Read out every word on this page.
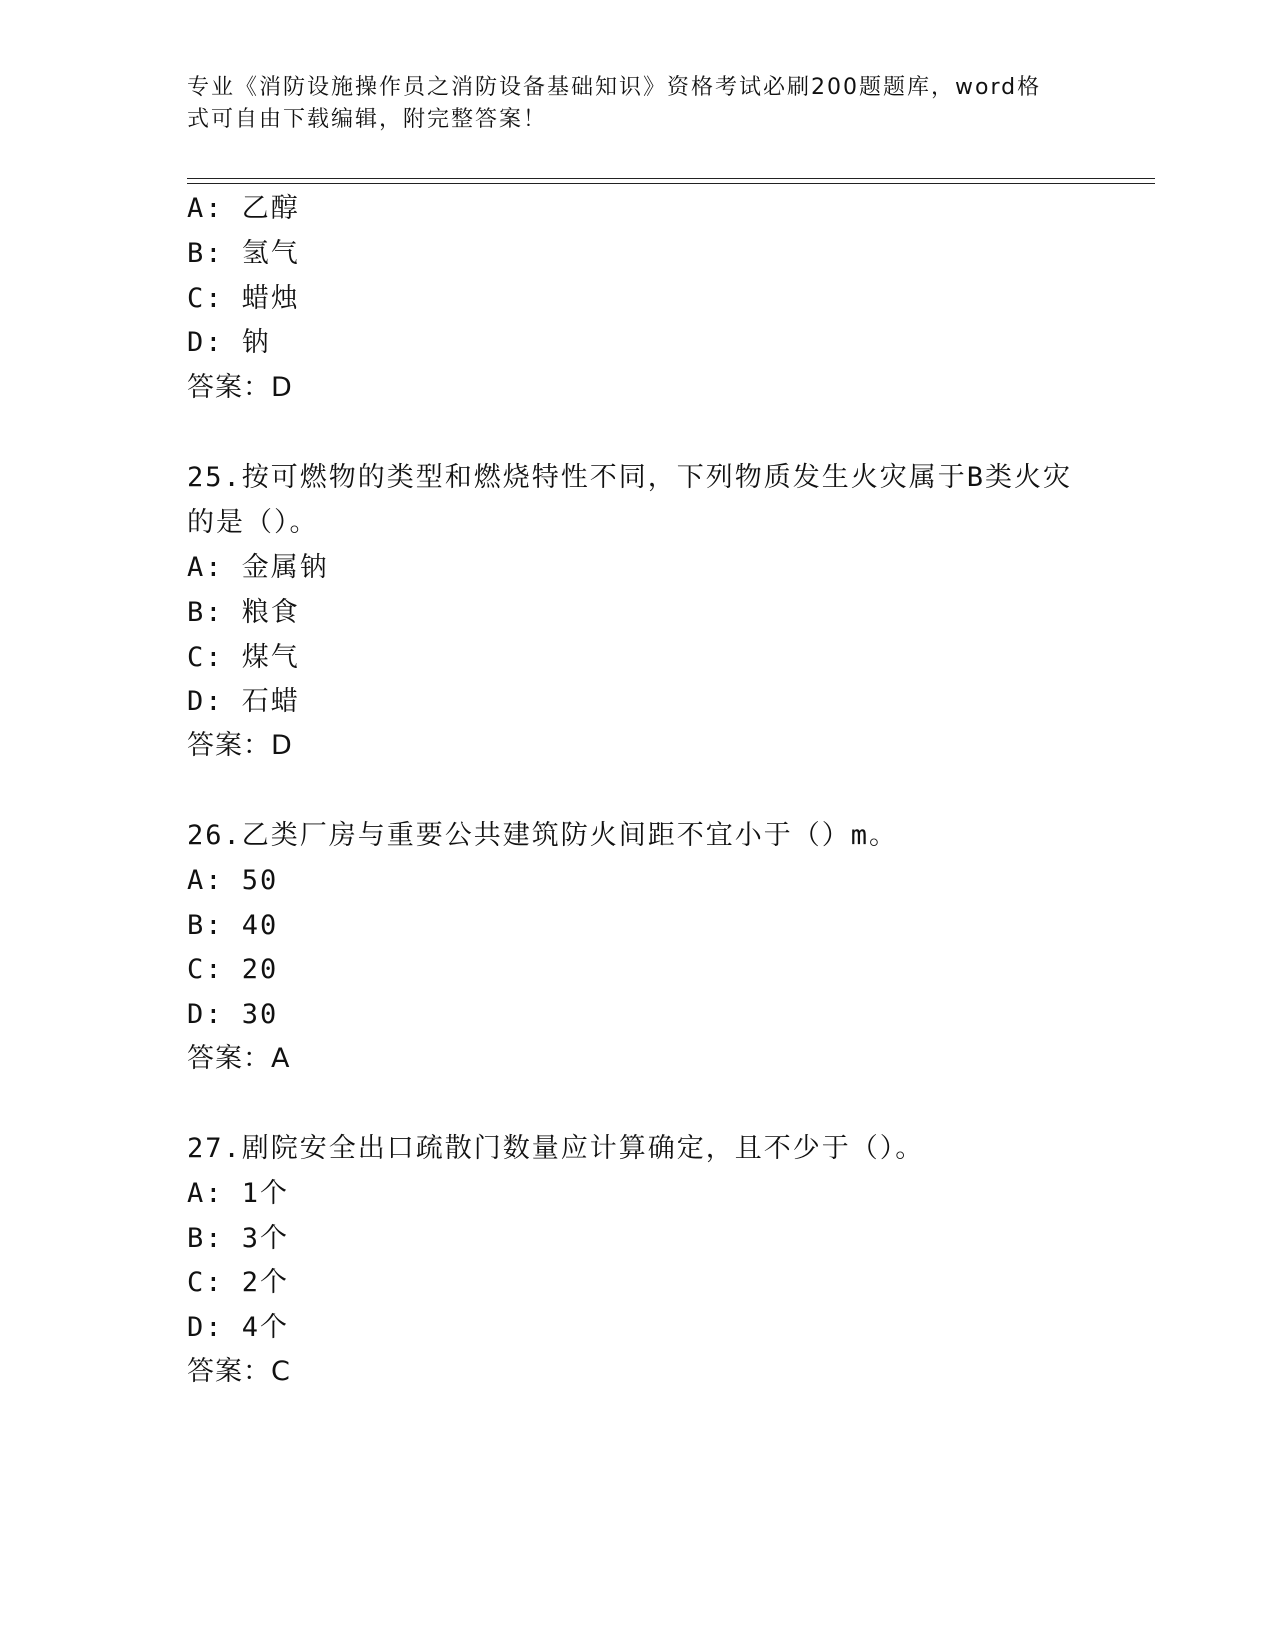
专业《消防设施操作员之消防设备基础知识》资格考试必刷200题题库，word格
式可自由下载编辑，附完整答案！
A: 乙醇
B: 氢气
C: 蜡烛
D: 钠
答案：D
25.按可燃物的类型和燃烧特性不同，下列物质发生火灾属于B类火灾
的是（）。
A: 金属钠
B: 粮食
C: 煤气
D: 石蜡
答案：D
26.乙类厂房与重要公共建筑防火间距不宜小于（）m。
A: 50
B: 40
C: 20
D: 30
答案：A
27.剧院安全出口疏散门数量应计算确定，且不少于（）。
A: 1个
B: 3个
C: 2个
D: 4个
答案：C
